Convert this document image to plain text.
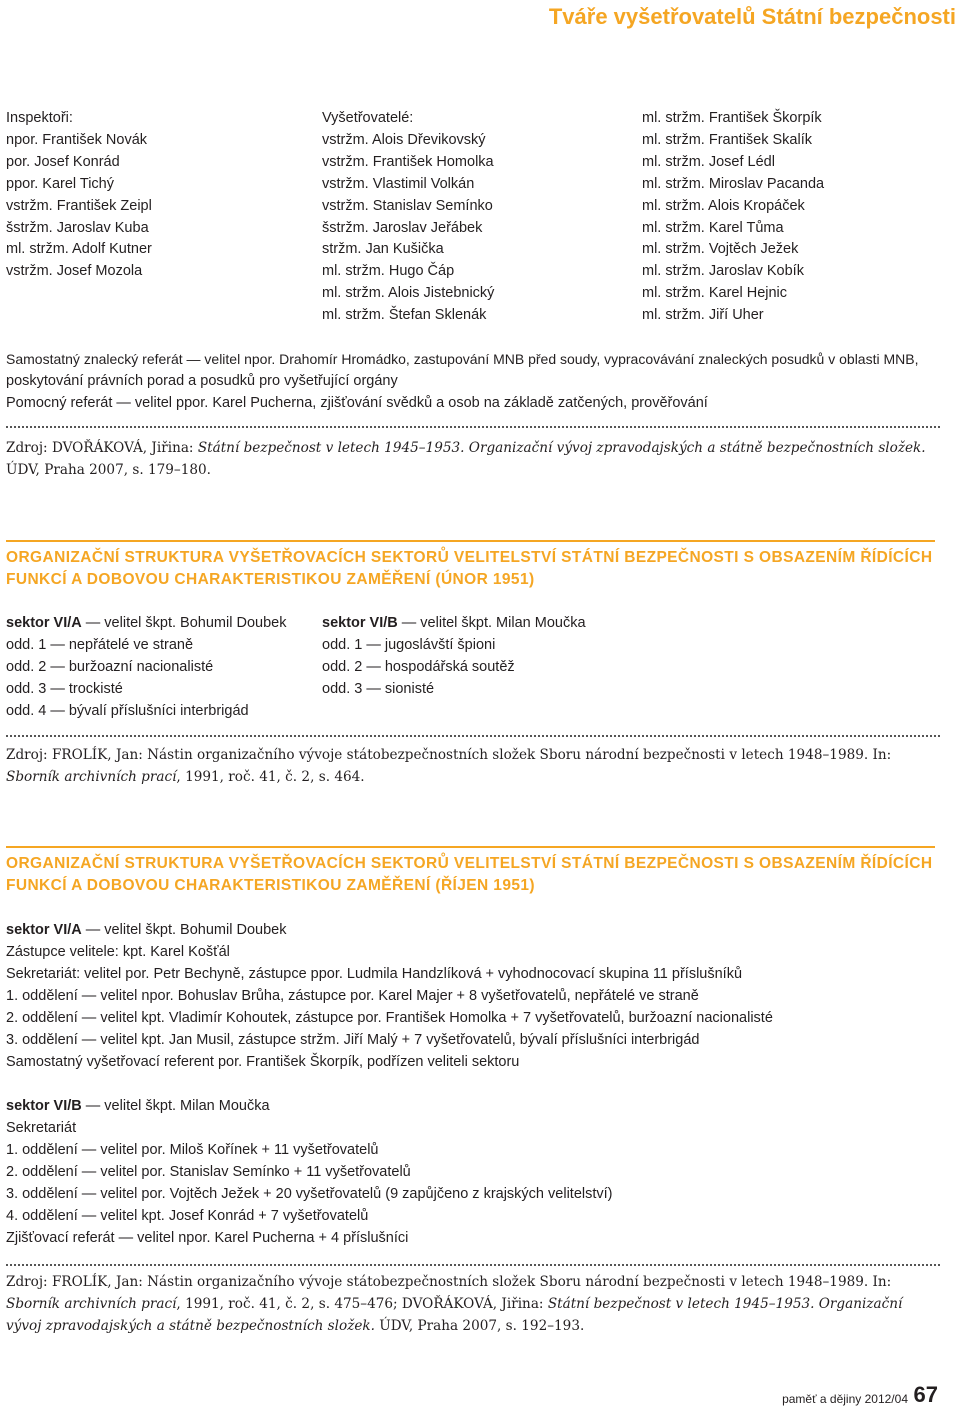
Tváře vyšetřovatelů Státní bezpečnosti
Inspektoři:
npor. František Novák
por. Josef Konrád
ppor. Karel Tichý
vstržm. František Zeipl
šstržm. Jaroslav Kuba
ml. stržm. Adolf Kutner
vstržm. Josef Mozola
Vyšetřovatelé:
vstržm. Alois Dřevikovský
vstržm. František Homolka
vstržm. Vlastimil Volkán
vstržm. Stanislav Semínko
šstržm. Jaroslav Jeřábek
stržm. Jan Kušička
ml. stržm. Hugo Čáp
ml. stržm. Alois Jistebnický
ml. stržm. Štefan Sklenák
ml. stržm. František Škorpík
ml. stržm. František Skalík
ml. stržm. Josef Lédl
ml. stržm. Miroslav Pacanda
ml. stržm. Alois Kropáček
ml. stržm. Karel Tůma
ml. stržm. Vojtěch Ježek
ml. stržm. Jaroslav Kobík
ml. stržm. Karel Hejnic
ml. stržm. Jiří Uher
Samostatný znalecký referát — velitel npor. Drahomír Hromádko, zastupování MNB před soudy, vypracovávání znaleckých posudků v oblasti MNB,
poskytování právních porad a posudků pro vyšetřující orgány
Pomocný referát — velitel ppor. Karel Pucherna, zjišťování svědků a osob na základě zatčených, prověřování
Zdroj: DVOŘÁKOVÁ, Jiřina: Státní bezpečnost v letech 1945–1953. Organizační vývoj zpravodajských a státně bezpečnostních složek. ÚDV, Praha 2007, s. 179–180.
ORGANIZAČNÍ STRUKTURA VYŠETŘOVACÍCH SEKTORŮ VELITELSTVÍ STÁTNÍ BEZPEČNOSTI S OBSAZENÍM ŘÍDÍCÍCH FUNKCÍ A DOBOVOU CHARAKTERISTIKOU ZAMĚŘENÍ (ÚNOR 1951)
sektor VI/A — velitel škpt. Bohumil Doubek
odd. 1 — nepřátelé ve straně
odd. 2 — buržoazní nacionalisté
odd. 3 — trockisté
odd. 4 — bývalí příslušníci interbrigád
sektor VI/B — velitel škpt. Milan Moučka
odd. 1 — jugoslávští špioni
odd. 2 — hospodářská soutěž
odd. 3 — sionisté
Zdroj: FROLÍK, Jan: Nástin organizačního vývoje státobezpečnostních složek Sboru národní bezpečnosti v letech 1948–1989. In: Sborník archivních prací, 1991, roč. 41, č. 2, s. 464.
ORGANIZAČNÍ STRUKTURA VYŠETŘOVACÍCH SEKTORŮ VELITELSTVÍ STÁTNÍ BEZPEČNOSTI S OBSAZENÍM ŘÍDÍCÍCH FUNKCÍ A DOBOVOU CHARAKTERISTIKOU ZAMĚŘENÍ (ŘÍJEN 1951)
sektor VI/A — velitel škpt. Bohumil Doubek
Zástupce velitele: kpt. Karel Košťál
Sekretariát: velitel por. Petr Bechyně, zástupce ppor. Ludmila Handzlíková + vyhodnocovací skupina 11 příslušníků
1. oddělení — velitel npor. Bohuslav Brůha, zástupce por. Karel Majer + 8 vyšetřovatelů, nepřátelé ve straně
2. oddělení — velitel kpt. Vladimír Kohoutek, zástupce por. František Homolka + 7 vyšetřovatelů, buržoazní nacionalisté
3. oddělení — velitel kpt. Jan Musil, zástupce stržm. Jiří Malý + 7 vyšetřovatelů, bývalí příslušníci interbrigád
Samostatný vyšetřovací referent por. František Škorpík, podřízen veliteli sektoru
sektor VI/B — velitel škpt. Milan Moučka
Sekretariát
1. oddělení — velitel por. Miloš Kořínek + 11 vyšetřovatelů
2. oddělení — velitel por. Stanislav Semínko + 11 vyšetřovatelů
3. oddělení — velitel por. Vojtěch Ježek + 20 vyšetřovatelů (9 zapůjčeno z krajských velitelství)
4. oddělení — velitel kpt. Josef Konrád + 7 vyšetřovatelů
Zjišťovací referát — velitel npor. Karel Pucherna + 4 příslušníci
Zdroj: FROLÍK, Jan: Nástin organizačního vývoje státobezpečnostních složek Sboru národní bezpečnosti v letech 1948–1989. In: Sborník archivních prací, 1991, roč. 41, č. 2, s. 475–476; DVOŘÁKOVÁ, Jiřina: Státní bezpečnost v letech 1945–1953. Organizační vývoj zpravodajských a státně bezpečnostních složek. ÚDV, Praha 2007, s. 192–193.
paměť a dějiny 2012/04 67
